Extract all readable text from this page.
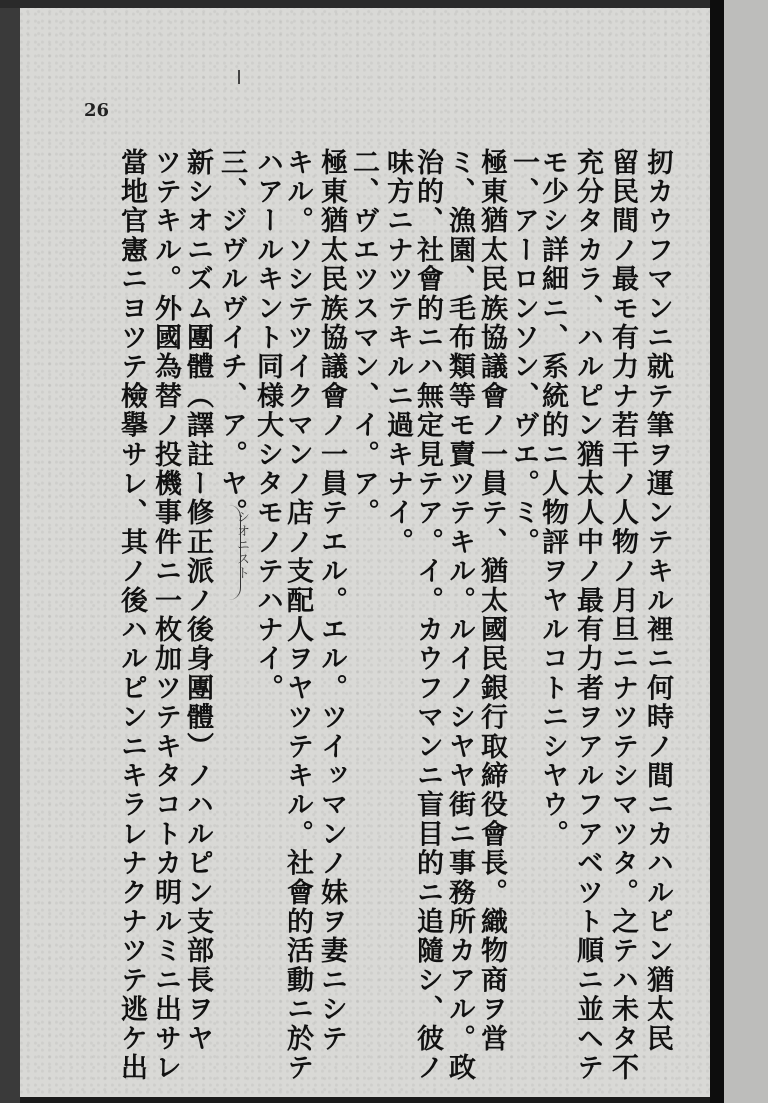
26
扨カウフマンニ就テ筆ヲ運ンテキル裡ニ何時ノ間ニカハルピン猶太民
留民間ノ最モ有力ナ若干ノ人物ノ月旦ニナツテシマツタ。之テハ未タ不
充分タカラ、ハルピン猶太人中ノ最有力者ヲアルフアベツト順ニ並ヘテ
モ少シ詳細ニ、系統的ニ人物評ヲヤルコトニシヤウ。
一、アーロンソン、ヴエ。ミ。
極東猶太民族協議會ノ一員テ、猶太國民銀行取締役會長。織物商ヲ営
ミ、漁園、毛布類等モ賣ツテキル。ルイノシヤヤ街ニ事務所カアル。政
治的、社會的ニハ無定見テア。イ。カウフマンニ盲目的ニ追隨シ、彼ノ
味方ニナツテキルニ過キナイ。
二、ヴエツスマン、イ。ア。
極東猶太民族協議會ノ一員テエル。エル。ツイッマンノ妹ヲ妻ニシテ
キル。ソシテツイクマンノ店ノ支配人ヲヤツテキル。社會的活動ニ於テ
ハアールキント同様大シタモノテハナイ。
三、ジヴルヴイチ、ア。ヤ。
新シオニズム團體（譯註ー修正派ノ後身團體）ノハルピン支部長ヲヤ
ツテキル。外國為替ノ投機事件ニ一枚加ツテキタコトカ明ルミニ出サレ
當地官憲ニヨツテ檢擧サレ、其ノ後ハルピンニキラレナクナツテ逃ケ出	シオニスト
